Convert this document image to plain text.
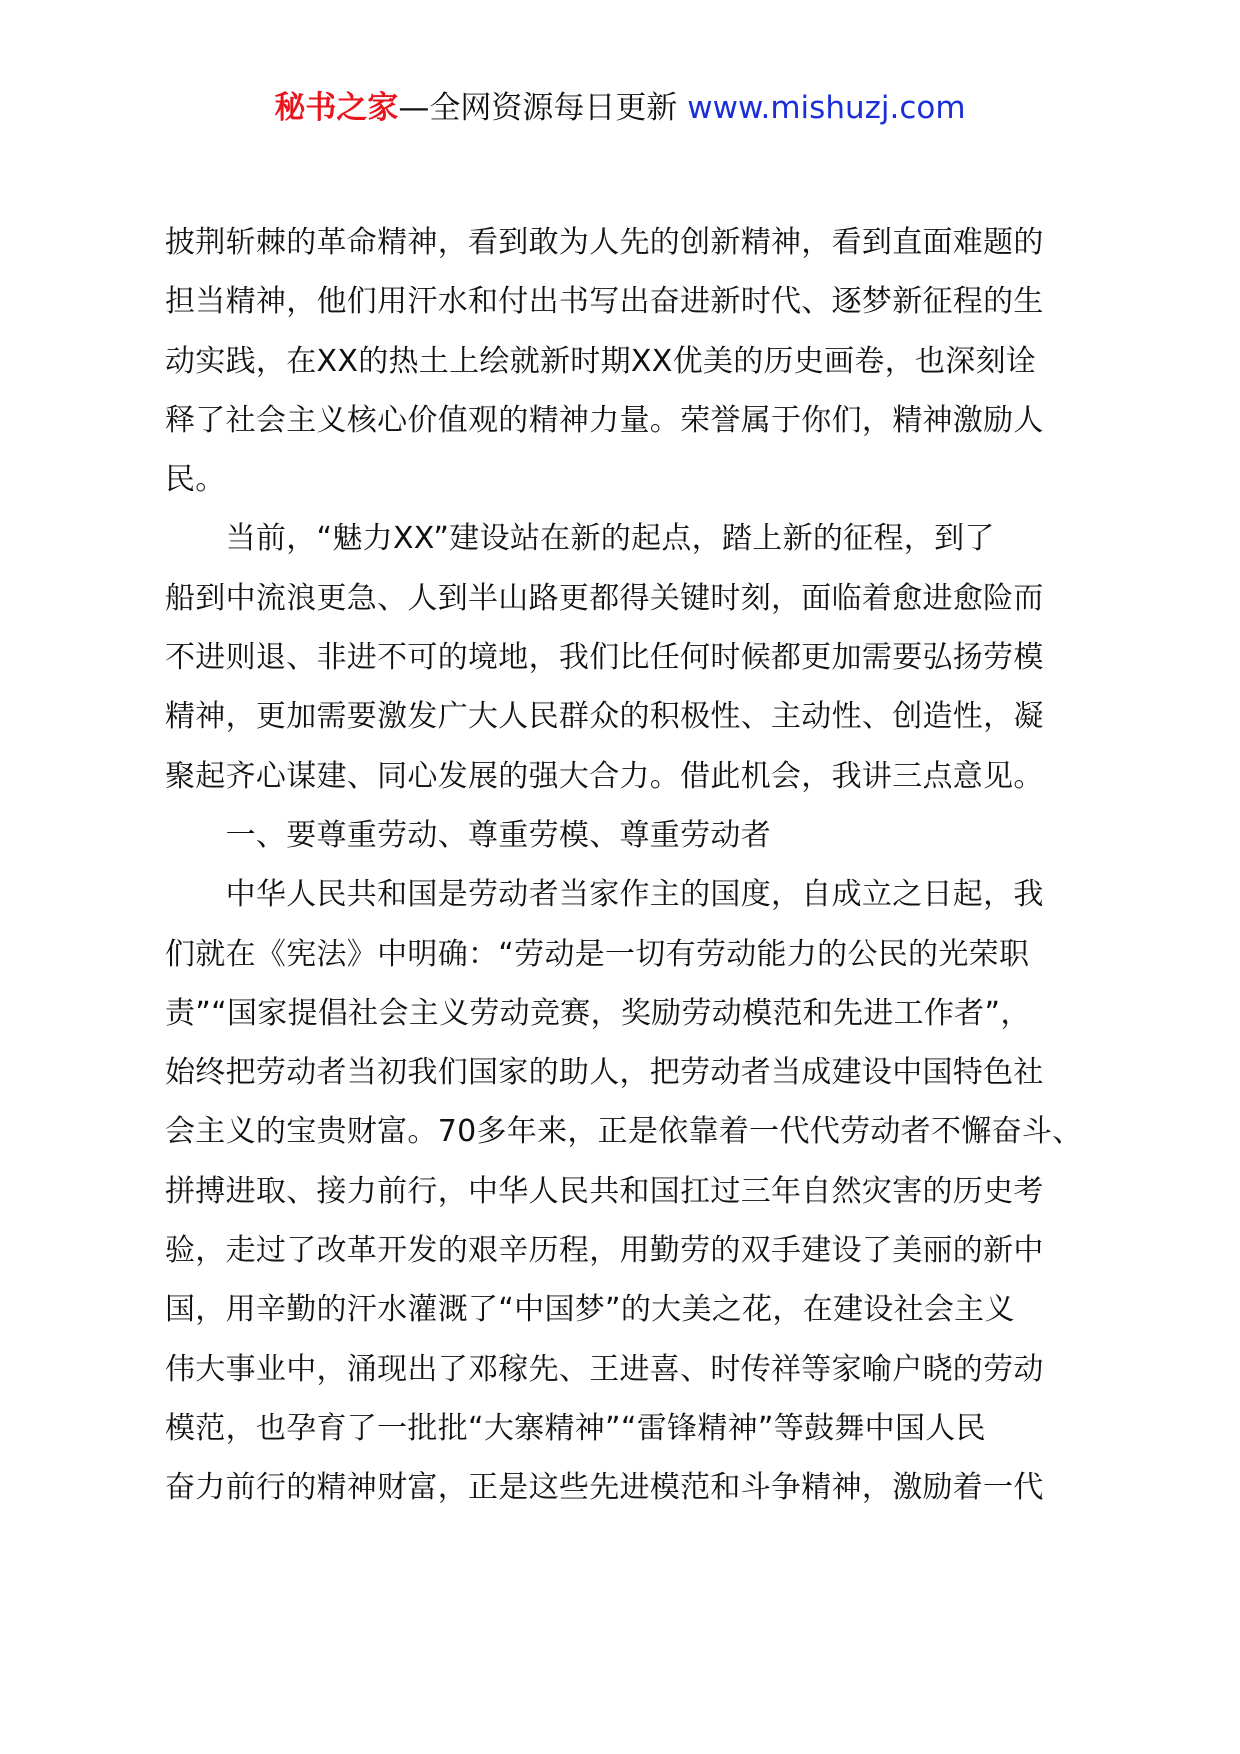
秘书之家—全网资源每日更新 www.mishuzj.com
披荆斩棘的革命精神，看到敢为人先的创新精神，看到直面难题的
担当精神，他们用汗水和付出书写出奋进新时代、逐梦新征程的生
动实践，在XX的热土上绘就新时期XX优美的历史画卷，也深刻诠
释了社会主义核心价值观的精神力量。荣誉属于你们，精神激励人
民。
　　当前，“魅力XX”建设站在新的起点，踏上新的征程，到了
船到中流浪更急、人到半山路更都得关键时刻，面临着愈进愈险而
不进则退、非进不可的境地，我们比任何时候都更加需要弘扬劳模
精神，更加需要激发广大人民群众的积极性、主动性、创造性，凝
聚起齐心谋建、同心发展的强大合力。借此机会，我讲三点意见。
　　一、要尊重劳动、尊重劳模、尊重劳动者
　　中华人民共和国是劳动者当家作主的国度，自成立之日起，我
们就在《宪法》中明确：“劳动是一切有劳动能力的公民的光荣职
责”“国家提倡社会主义劳动竞赛，奖励劳动模范和先进工作者”，
始终把劳动者当初我们国家的助人，把劳动者当成建设中国特色社
会主义的宝贵财富。70多年来，正是依靠着一代代劳动者不懈奋斗、
拼搏进取、接力前行，中华人民共和国扛过三年自然灾害的历史考
验，走过了改革开发的艰辛历程，用勤劳的双手建设了美丽的新中
国，用辛勤的汗水灌溉了“中国梦”的大美之花，在建设社会主义
伟大事业中，涌现出了邓稼先、王进喜、时传祥等家喻户晓的劳动
模范，也孕育了一批批“大寨精神”“雷锋精神”等鼓舞中国人民
奋力前行的精神财富，正是这些先进模范和斗争精神，激励着一代
